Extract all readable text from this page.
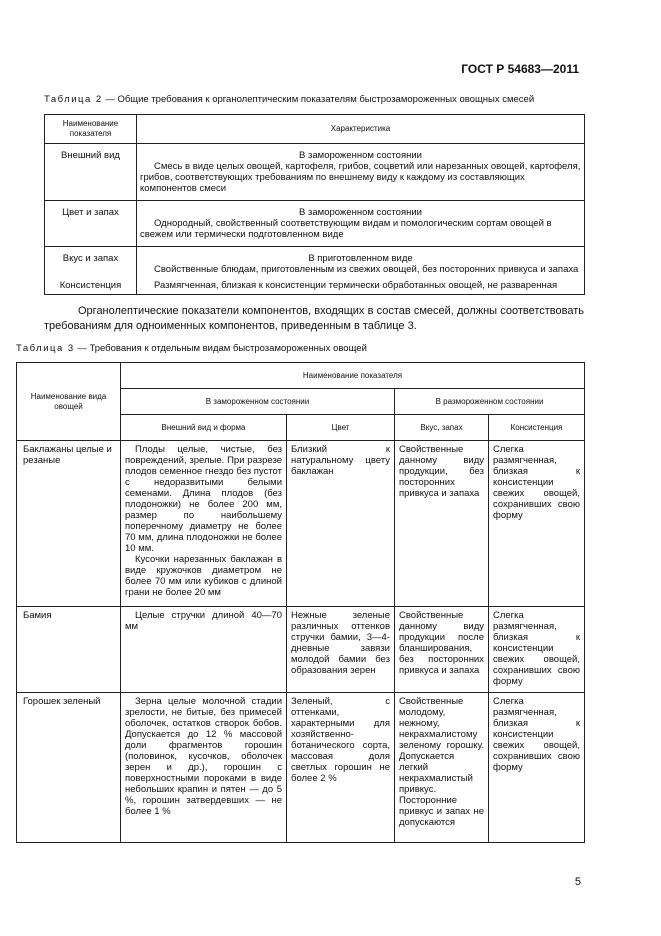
ГОСТ Р 54683—2011
Таблица 2 — Общие требования к органолептическим показателям быстрозамороженных овощных смесей
Наименование показателя	Характеристика
Внешний вид	В замороженном состоянии
Смесь в виде целых овощей, картофеля, грибов, соцветий или нарезанных овощей, картофеля, грибов, соответствующих требованиям по внешнему виду к каждому из составляющих компонентов смеси

Цвет и запах	В замороженном состоянии
Однородный, свойственный соответствующим видам и помологическим сортам овощей в свежем или термически подготовленном виде

Вкус и запах	В приготовленном виде
Свойственные блюдам, приготовленным из свежих овощей, без посторонних привкуса и запаха

Консистенция	Размягченная, близкая к консистенции термически обработанных овощей, не разваренная
Органолептические показатели компонентов, входящих в состав смесей, должны соответствовать требованиям для одноименных компонентов, приведенным в таблице 3.
Таблица 3 — Требования к отдельным видам быстрозамороженных овощей
Наименование вида овощей	Наименование показателя			
	В замороженном состоянии		В размороженном состоянии	
	Внешний вид и форма	Цвет	Вкус, запах	Консистенция
Баклажаны целые и резаные	Плоды целые, чистые, без повреждений, зрелые. При разрезе плодов семенное гнездо без пустот с недоразвитыми белыми семенами. Длина плодов (без плодоножки) не более 200 мм, размер по наибольшему поперечному диаметру не более 70 мм, длина плодоножки не более 10 мм.

Кусочки нарезанных баклажан в виде кружочков диаметром не более 70 мм или кубиков с длиной грани не более 20 мм	Близкий к натуральному цвету баклажан	Свойственные данному виду продукции, без посторонних привкуса и запаха	Слегка размягченная, близкая к консистенции свежих овощей, сохранивших свою форму
Бамия	Целые стручки длиной 40—70 мм	Нежные зеленые различных оттенков стручки бамии, 3—4-дневные завязи молодой бамии без образования зерен	Свойственные данному виду продукции после бланширования, без посторонних привкуса и запаха	Слегка размягченная, близкая к консистенции свежих овощей, сохранивших свою форму
Горошек зеленый	Зерна целые молочной стадии зрелости, не битые, без примесей оболочек, остатков створок бобов. Допускается до 12 % массовой доли фрагментов горошин (половинок, кусочков, оболочек зерен и др.), горошин с поверхностными пороками в виде небольших крапин и пятен — до 5 %, горошин затвердевших — не более 1 %	Зеленый, с оттенками, характерными для хозяйственно-ботанического сорта, массовая доля светлых горошин не более 2 %	Свойственные молодому, нежному, некрахмалистому зеленому горошку. Допускается легкий некрахмалистый привкус. Посторонние привкус и запах не допускаются	Слегка размягченная, близкая к консистенции свежих овощей, сохранивших свою форму
5
